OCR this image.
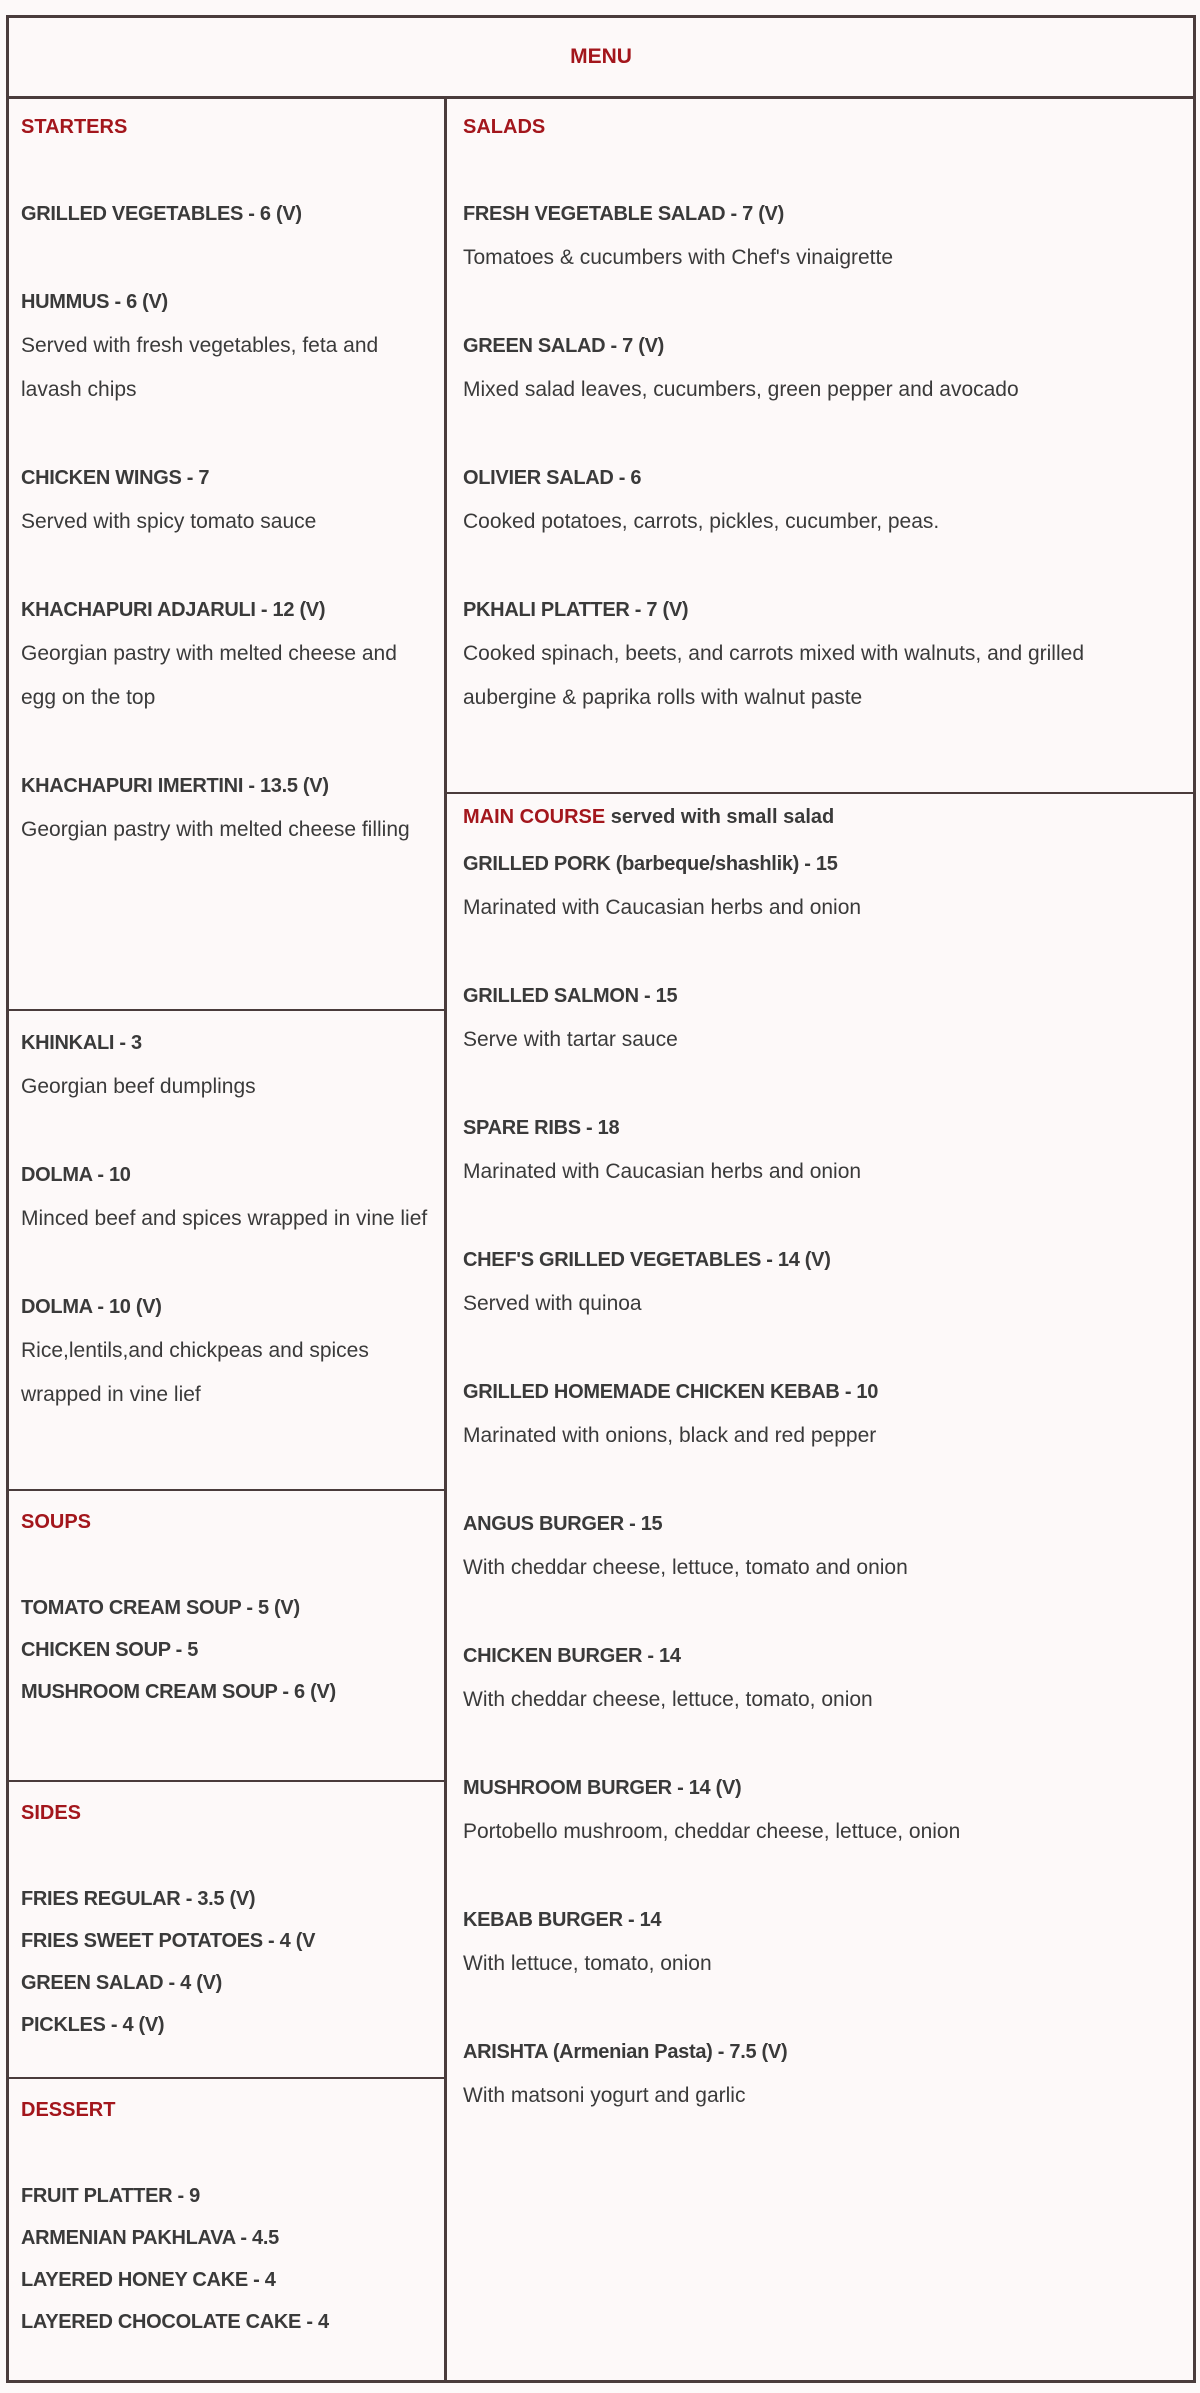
MENU
STARTERS
GRILLED VEGETABLES - 6 (V)
HUMMUS - 6 (V)
Served with fresh vegetables, feta and lavash chips
CHICKEN WINGS - 7
Served with spicy tomato sauce
KHACHAPURI ADJARULI - 12 (V)
Georgian pastry with melted cheese and egg on the top
KHACHAPURI IMERTINI - 13.5 (V)
Georgian pastry with melted cheese filling
KHINKALI - 3
Georgian beef dumplings
DOLMA - 10
Minced beef and spices wrapped in vine lief
DOLMA - 10 (V)
Rice,lentils,and chickpeas and spices wrapped in vine lief
SOUPS
TOMATO CREAM SOUP - 5 (V)
CHICKEN SOUP - 5
MUSHROOM CREAM SOUP - 6 (V)
SIDES
FRIES REGULAR - 3.5 (V)
FRIES SWEET POTATOES - 4 (V
GREEN SALAD - 4 (V)
PICKLES - 4 (V)
DESSERT
FRUIT PLATTER - 9
ARMENIAN PAKHLAVA - 4.5
LAYERED HONEY CAKE - 4
LAYERED CHOCOLATE CAKE - 4
SALADS
FRESH VEGETABLE SALAD - 7 (V)
Tomatoes & cucumbers with Chef's vinaigrette
GREEN SALAD - 7 (V)
Mixed salad leaves, cucumbers, green pepper and avocado
OLIVIER SALAD - 6
Cooked potatoes, carrots, pickles, cucumber, peas.
PKHALI PLATTER - 7 (V)
Cooked spinach, beets, and carrots mixed with walnuts, and grilled aubergine & paprika rolls with walnut paste
MAIN COURSE served with small salad
GRILLED PORK (barbeque/shashlik) - 15
Marinated with Caucasian herbs and onion
GRILLED SALMON - 15
Serve with tartar sauce
SPARE RIBS - 18
Marinated with Caucasian herbs and onion
CHEF'S GRILLED VEGETABLES - 14 (V)
Served with quinoa
GRILLED HOMEMADE CHICKEN KEBAB - 10
Marinated with onions, black and red pepper
ANGUS BURGER - 15
With cheddar cheese, lettuce, tomato and onion
CHICKEN BURGER - 14
With cheddar cheese, lettuce, tomato, onion
MUSHROOM BURGER - 14 (V)
Portobello mushroom, cheddar cheese, lettuce, onion
KEBAB BURGER - 14
With lettuce, tomato, onion
ARISHTA (Armenian Pasta) - 7.5 (V)
With matsoni yogurt and garlic
